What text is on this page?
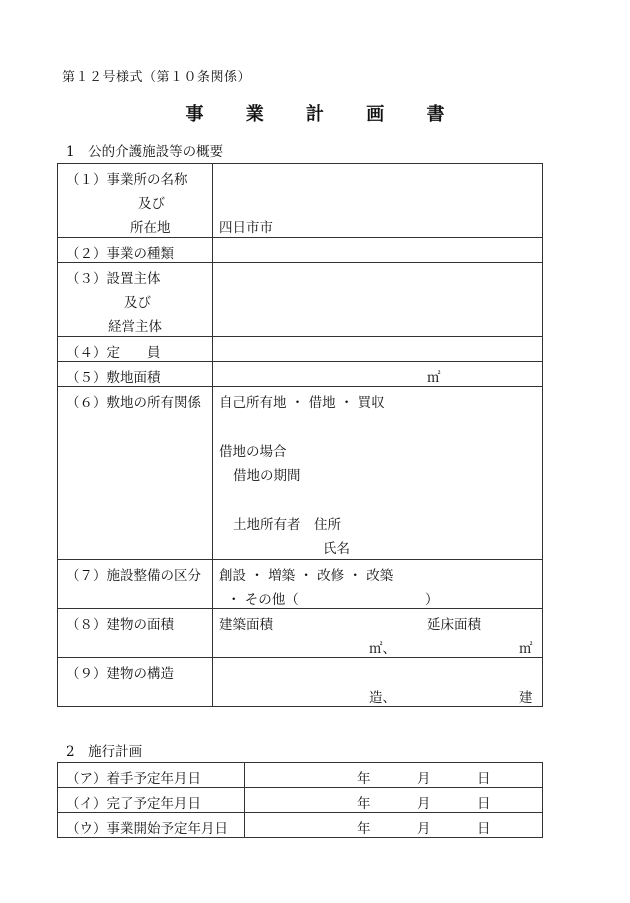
第１２号様式（第１０条関係）
事 業 計 画 書
1　公的介護施設等の概要
（１）事業所の名称
及び
所在地	四日市市

（２）事業の種類	

（３）設置主体
及び
経営主体	

（４）定　　員	

（５）敷地面積	㎡

（６）敷地の所有関係	自己所有地 ・ 借地 ・ 買収
借地の場合
借地の期間
土地所有者　住所
氏名

（７）施設整備の区分	創設 ・ 増築 ・ 改修 ・ 改築
・ その他（ ）

（８）建物の面積	建築面積 延床面積
㎡、 ㎡

（９）建物の構造	造、 建
2　施行計画
（ア）着手予定年月日	年 月 日

（イ）完了予定年月日	年 月 日

（ウ）事業開始予定年月日	年 月 日
